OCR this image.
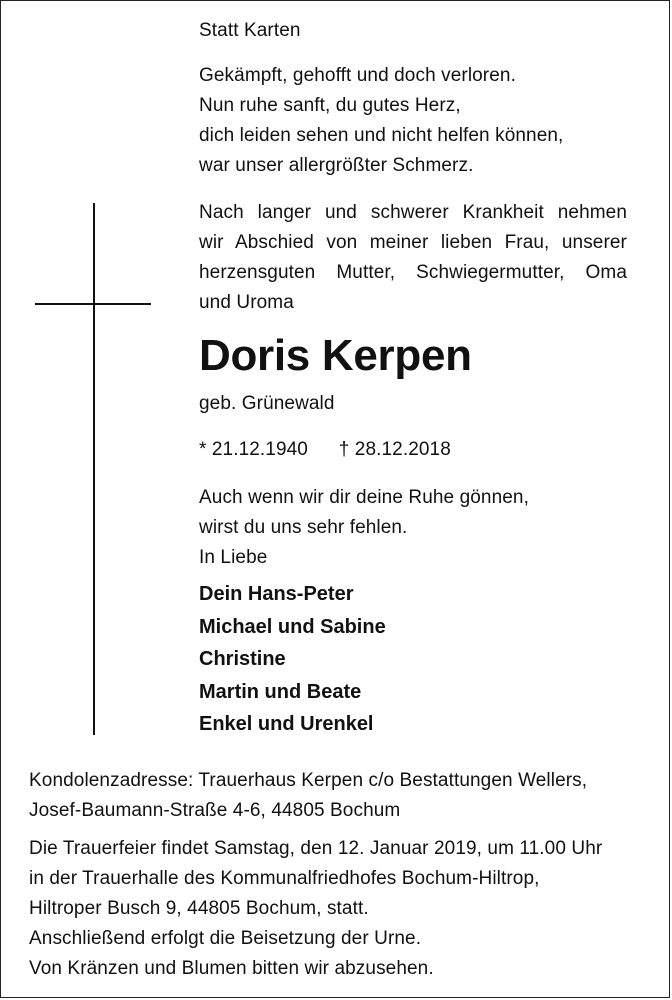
Statt Karten
Gekämpft, gehofft und doch verloren.
Nun ruhe sanft, du gutes Herz,
dich leiden sehen und nicht helfen können,
war unser allergrößter Schmerz.
Nach langer und schwerer Krankheit nehmen
wir Abschied von meiner lieben Frau, unserer
herzensguten Mutter, Schwiegermutter, Oma
und Uroma
Doris Kerpen
geb. Grünewald
* 21.12.1940 † 28.12.2018
Auch wenn wir dir deine Ruhe gönnen,
wirst du uns sehr fehlen.
In Liebe
Dein Hans-Peter
Michael und Sabine
Christine
Martin und Beate
Enkel und Urenkel
Kondolenzadresse: Trauerhaus Kerpen c/o Bestattungen Wellers,
Josef-Baumann-Straße 4-6, 44805 Bochum
Die Trauerfeier findet Samstag, den 12. Januar 2019, um 11.00 Uhr
in der Trauerhalle des Kommunalfriedhofes Bochum-Hiltrop,
Hiltroper Busch 9, 44805 Bochum, statt.
Anschließend erfolgt die Beisetzung der Urne.
Von Kränzen und Blumen bitten wir abzusehen.
